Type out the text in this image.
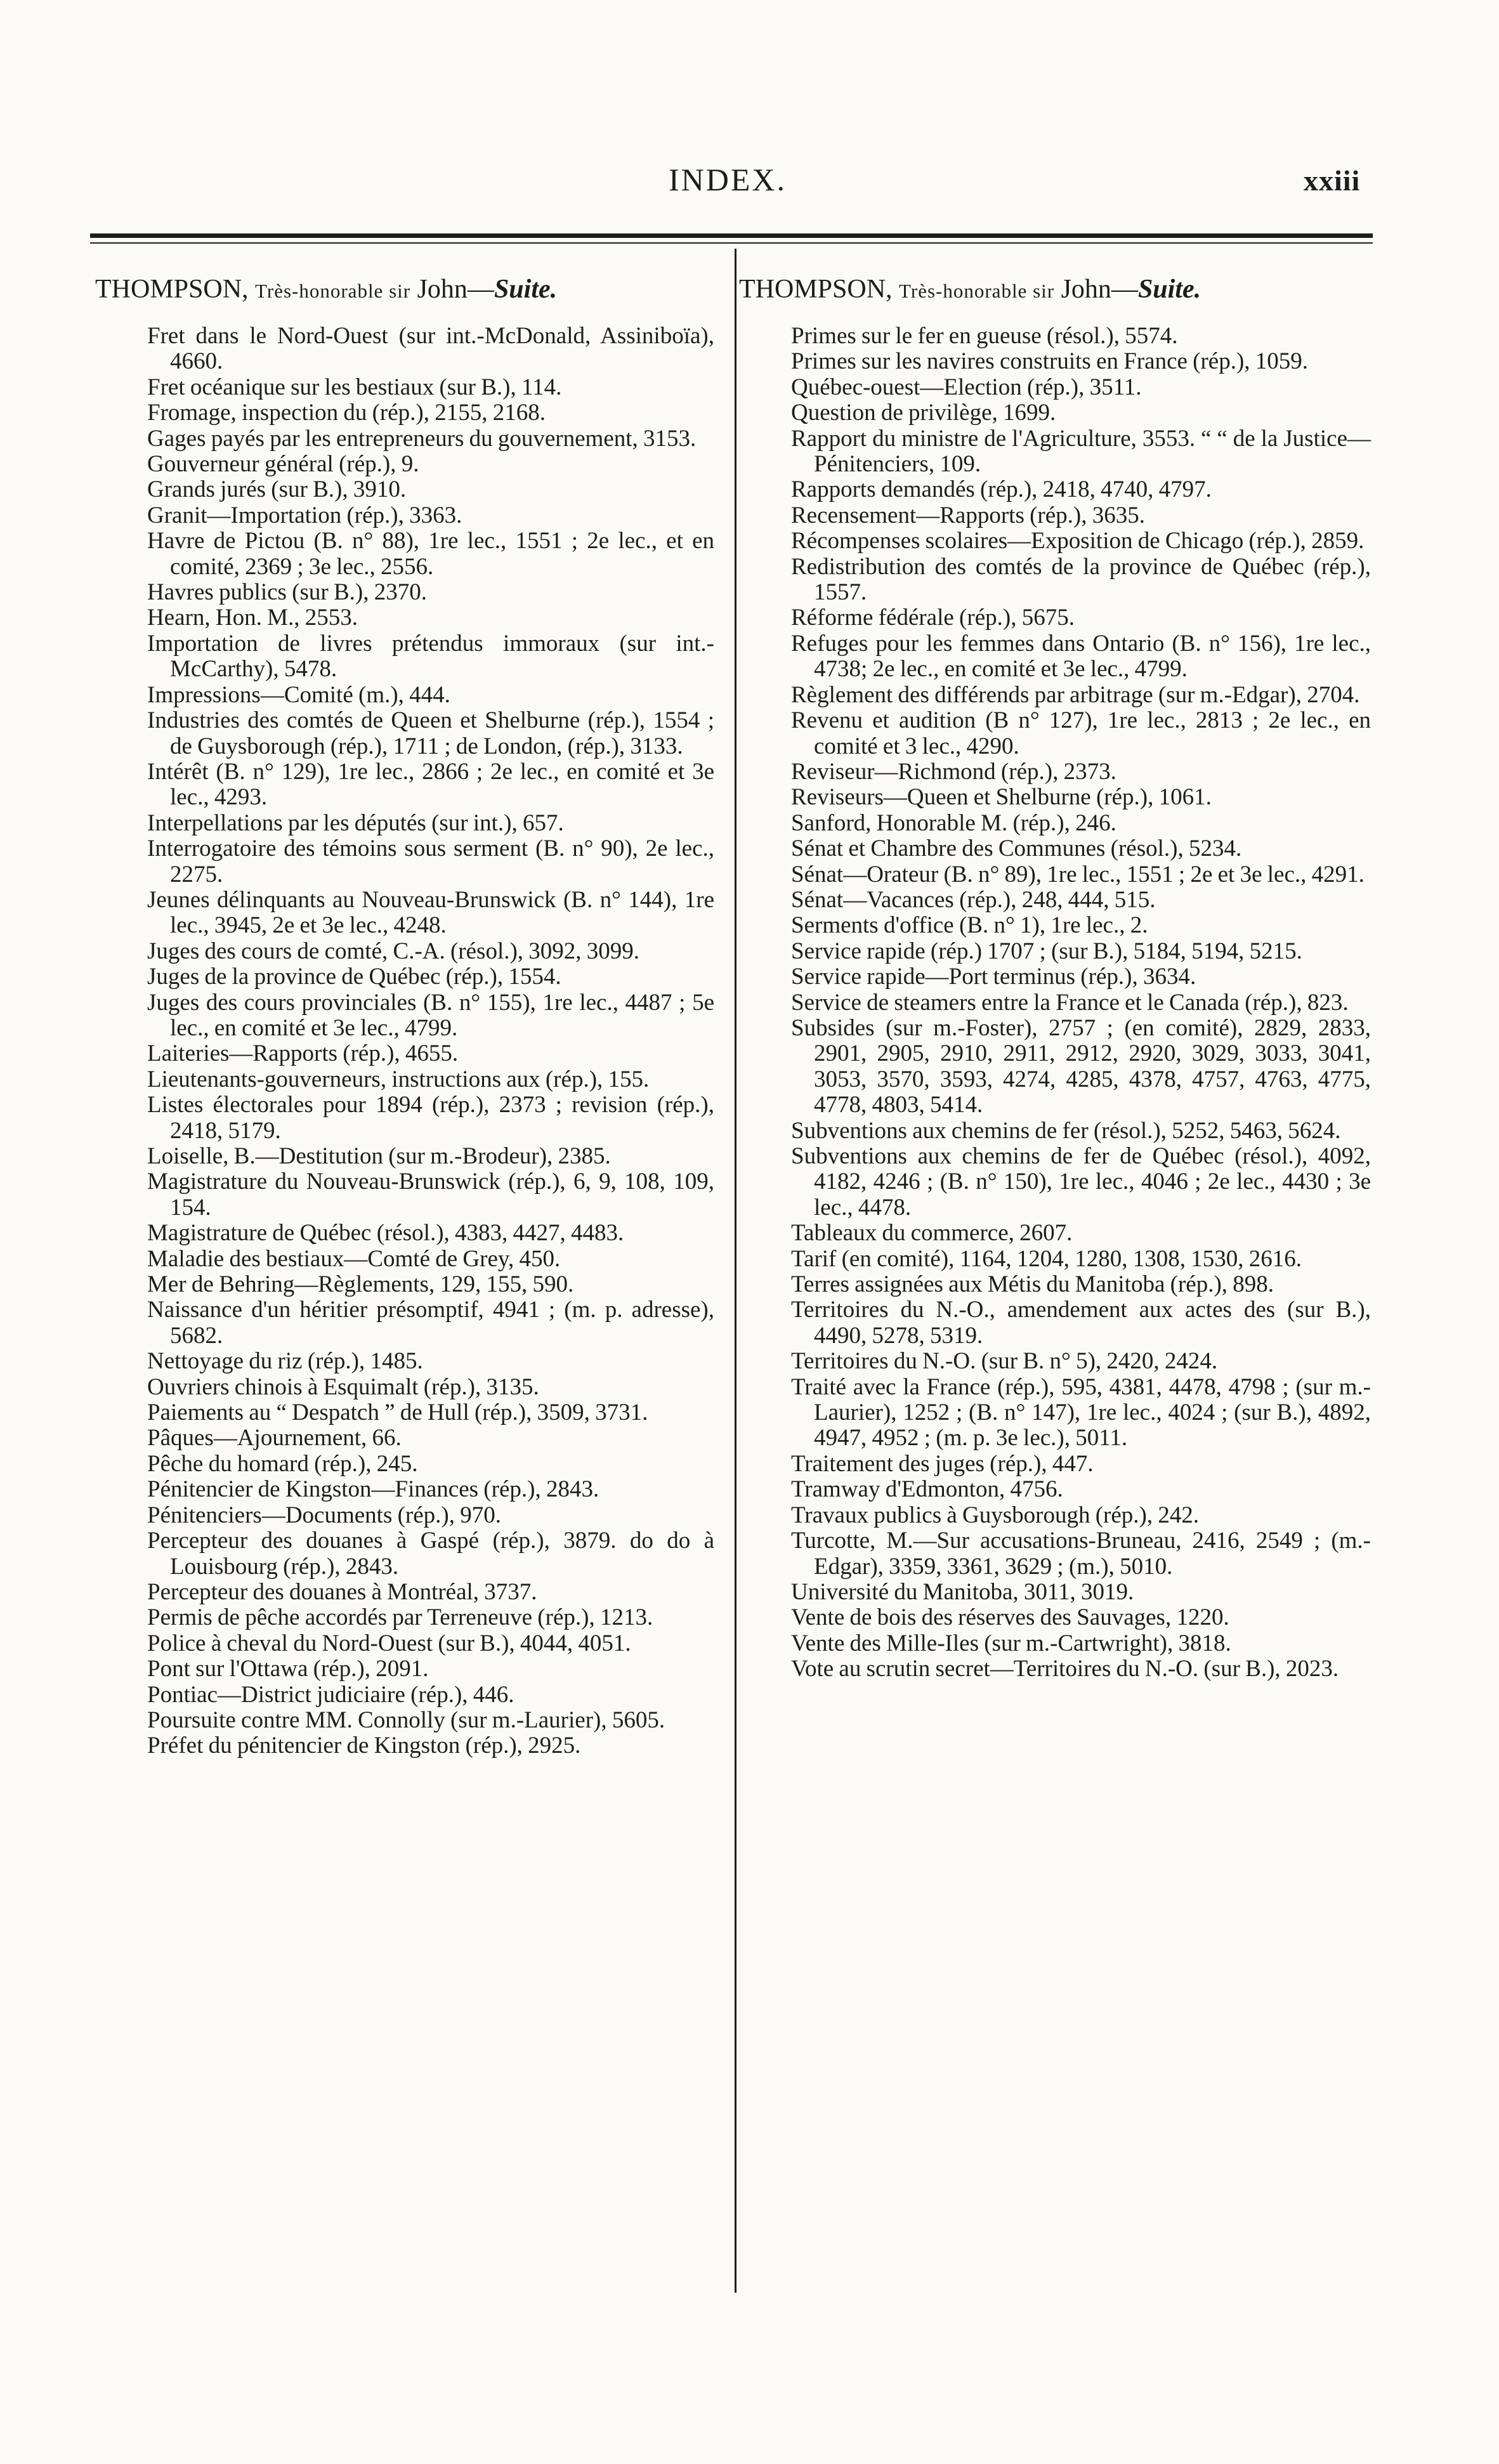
INDEX.	xxiii
THOMPSON, Très-honorable sir John—Suite.
Fret dans le Nord-Ouest (sur int.-McDonald, Assiniboïa), 4660.
Fret océanique sur les bestiaux (sur B.), 114.
Fromage, inspection du (rép.), 2155, 2168.
Gages payés par les entrepreneurs du gouvernement, 3153.
Gouverneur général (rép.), 9.
Grands jurés (sur B.), 3910.
Granit—Importation (rép.), 3363.
Havre de Pictou (B. n° 88), 1re lec., 1551 ; 2e lec., et en comité, 2369 ; 3e lec., 2556.
Havres publics (sur B.), 2370.
Hearn, Hon. M., 2553.
Importation de livres prétendus immoraux (sur int.-McCarthy), 5478.
Impressions—Comité (m.), 444.
Industries des comtés de Queen et Shelburne (rép.), 1554 ; de Guysborough (rép.), 1711 ; de London, (rép.), 3133.
Intérêt (B. n° 129), 1re lec., 2866 ; 2e lec., en comité et 3e lec., 4293.
Interpellations par les députés (sur int.), 657.
Interrogatoire des témoins sous serment (B. n° 90), 2e lec., 2275.
Jeunes délinquants au Nouveau-Brunswick (B. n° 144), 1re lec., 3945, 2e et 3e lec., 4248.
Juges des cours de comté, C.-A. (résol.), 3092, 3099.
Juges de la province de Québec (rép.), 1554.
Juges des cours provinciales (B. n° 155), 1re lec., 4487 ; 5e lec., en comité et 3e lec., 4799.
Laiteries—Rapports (rép.), 4655.
Lieutenants-gouverneurs, instructions aux (rép.), 155.
Listes électorales pour 1894 (rép.), 2373 ; revision (rép.), 2418, 5179.
Loiselle, B.—Destitution (sur m.-Brodeur), 2385.
Magistrature du Nouveau-Brunswick (rép.), 6, 9, 108, 109, 154.
Magistrature de Québec (résol.), 4383, 4427, 4483.
Maladie des bestiaux—Comté de Grey, 450.
Mer de Behring—Règlements, 129, 155, 590.
Naissance d'un héritier présomptif, 4941 ; (m. p. adresse), 5682.
Nettoyage du riz (rép.), 1485.
Ouvriers chinois à Esquimalt (rép.), 3135.
Paiements au “ Despatch ” de Hull (rép.), 3509, 3731.
Pâques—Ajournement, 66.
Pêche du homard (rép.), 245.
Pénitencier de Kingston—Finances (rép.), 2843.
Pénitenciers—Documents (rép.), 970.
Percepteur des douanes à Gaspé (rép.), 3879. do do à Louisbourg (rép.), 2843.
Percepteur des douanes à Montréal, 3737.
Permis de pêche accordés par Terreneuve (rép.), 1213.
Police à cheval du Nord-Ouest (sur B.), 4044, 4051.
Pont sur l'Ottawa (rép.), 2091.
Pontiac—District judiciaire (rép.), 446.
Poursuite contre MM. Connolly (sur m.-Laurier), 5605.
Préfet du pénitencier de Kingston (rép.), 2925.
THOMPSON, Très-honorable sir John—Suite.
Primes sur le fer en gueuse (résol.), 5574.
Primes sur les navires construits en France (rép.), 1059.
Québec-ouest—Election (rép.), 3511.
Question de privilège, 1699.
Rapport du ministre de l'Agriculture, 3553. “ “ de la Justice—Pénitenciers, 109.
Rapports demandés (rép.), 2418, 4740, 4797.
Recensement—Rapports (rép.), 3635.
Récompenses scolaires—Exposition de Chicago (rép.), 2859.
Redistribution des comtés de la province de Québec (rép.), 1557.
Réforme fédérale (rép.), 5675.
Refuges pour les femmes dans Ontario (B. n° 156), 1re lec., 4738; 2e lec., en comité et 3e lec., 4799.
Règlement des différends par arbitrage (sur m.-Edgar), 2704.
Revenu et audition (B n° 127), 1re lec., 2813 ; 2e lec., en comité et 3 lec., 4290.
Reviseur—Richmond (rép.), 2373.
Reviseurs—Queen et Shelburne (rép.), 1061.
Sanford, Honorable M. (rép.), 246.
Sénat et Chambre des Communes (résol.), 5234.
Sénat—Orateur (B. n° 89), 1re lec., 1551 ; 2e et 3e lec., 4291.
Sénat—Vacances (rép.), 248, 444, 515.
Serments d'office (B. n° 1), 1re lec., 2.
Service rapide (rép.) 1707 ; (sur B.), 5184, 5194, 5215.
Service rapide—Port terminus (rép.), 3634.
Service de steamers entre la France et le Canada (rép.), 823.
Subsides (sur m.-Foster), 2757 ; (en comité), 2829, 2833, 2901, 2905, 2910, 2911, 2912, 2920, 3029, 3033, 3041, 3053, 3570, 3593, 4274, 4285, 4378, 4757, 4763, 4775, 4778, 4803, 5414.
Subventions aux chemins de fer (résol.), 5252, 5463, 5624.
Subventions aux chemins de fer de Québec (résol.), 4092, 4182, 4246 ; (B. n° 150), 1re lec., 4046 ; 2e lec., 4430 ; 3e lec., 4478.
Tableaux du commerce, 2607.
Tarif (en comité), 1164, 1204, 1280, 1308, 1530, 2616.
Terres assignées aux Métis du Manitoba (rép.), 898.
Territoires du N.-O., amendement aux actes des (sur B.), 4490, 5278, 5319.
Territoires du N.-O. (sur B. n° 5), 2420, 2424.
Traité avec la France (rép.), 595, 4381, 4478, 4798 ; (sur m.-Laurier), 1252 ; (B. n° 147), 1re lec., 4024 ; (sur B.), 4892, 4947, 4952 ; (m. p. 3e lec.), 5011.
Traitement des juges (rép.), 447.
Tramway d'Edmonton, 4756.
Travaux publics à Guysborough (rép.), 242.
Turcotte, M.—Sur accusations-Bruneau, 2416, 2549 ; (m.-Edgar), 3359, 3361, 3629 ; (m.), 5010.
Université du Manitoba, 3011, 3019.
Vente de bois des réserves des Sauvages, 1220.
Vente des Mille-Iles (sur m.-Cartwright), 3818.
Vote au scrutin secret—Territoires du N.-O. (sur B.), 2023.
